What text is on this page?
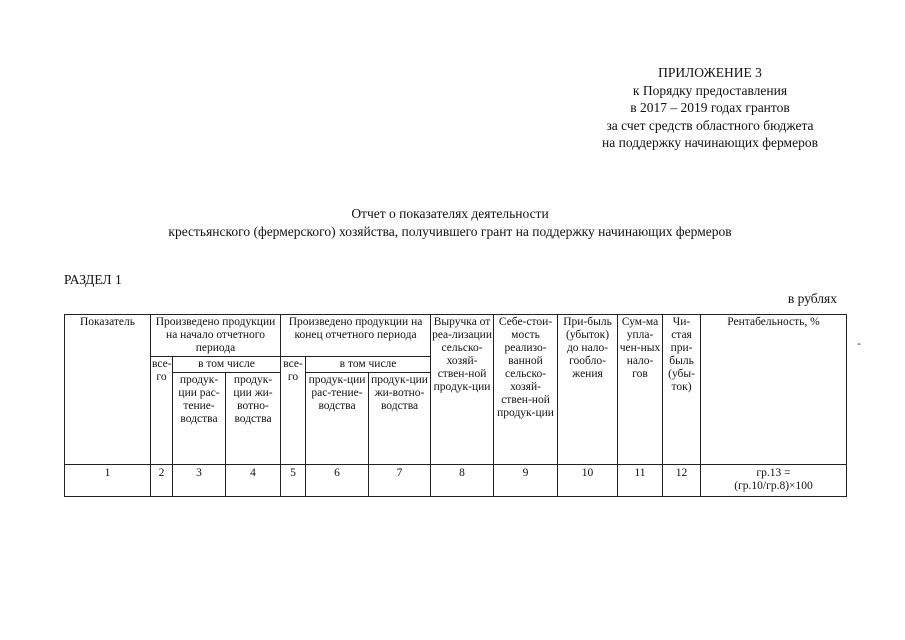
ПРИЛОЖЕНИЕ 3
к Порядку предоставления
в 2017 – 2019 годах грантов
за счет средств областного бюджета
на поддержку начинающих фермеров
Отчет о показателях деятельности
крестьянского (фермерского) хозяйства, получившего грант на поддержку начинающих фермеров
РАЗДЕЛ 1
в рублях
-
Показатель	Произведено продукции на начало отчетного периода			Произведено продукции на конец отчетного периода			Выручка от реа-лизации сельско-хозяй-ствен-ной продук-ции	Себе-стои-мость реализо-ванной сельско-хозяй-ствен-ной продук-ции	При-быль (убыток) до нало-гообло-жения	Сум-ма упла-чен-ных нало-гов	Чи-стая при-быль (убы-ток)	Рентабельность, %
	все-го	в том числе		все-го	в том числе							
		продук-ции рас-тение-водства	продук-ции жи-вотно-водства		продук-ции рас-тение-водства	продук-ции жи-вотно-водства						
1	2	3	4	5	6	7	8	9	10	11	12	гр.13 =
(гр.10/гр.8)×100
